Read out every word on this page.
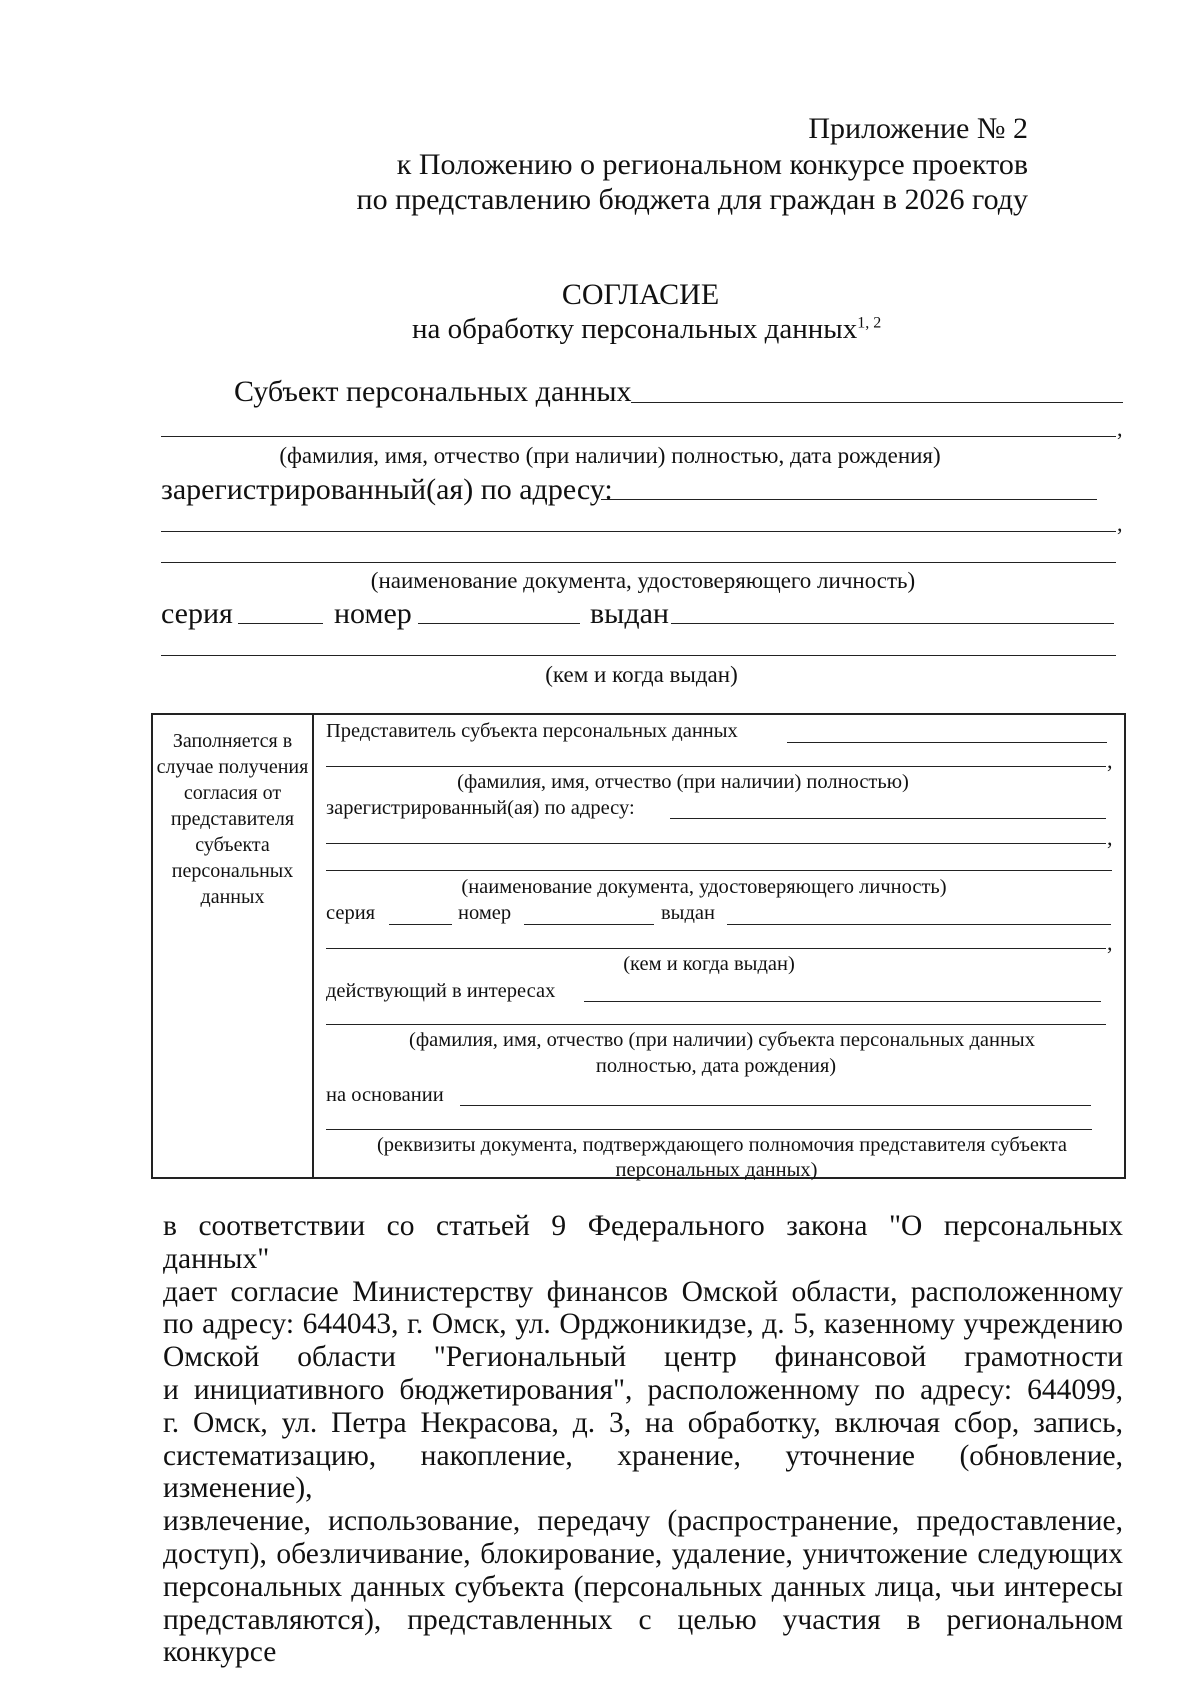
Приложение № 2
к Положению о региональном конкурсе проектов
по представлению бюджета для граждан в 2026 году
СОГЛАСИЕ
на обработку персональных данных$^{1, 2}$
Субъект персональных данных
,
(фамилия, имя, отчество (при наличии) полностью, дата рождения)
зарегистрированный(ая) по адресу:
,
(наименование документа, удостоверяющего личность)
серия	номер	выдан
(кем и когда выдан)
Заполняется в случае получения согласия от представителя субъекта персональных данных
Представитель субъекта персональных данных
,
(фамилия, имя, отчество (при наличии) полностью)
зарегистрированный(ая) по адресу:
,
(наименование документа, удостоверяющего личность)
серия	номер	выдан
,
(кем и когда выдан)
действующий в интересах
(фамилия, имя, отчество (при наличии) субъекта персональных данных
полностью, дата рождения)
на основании
(реквизиты документа, подтверждающего полномочия представителя субъекта
персональных данных)
в соответствии со статьей 9 Федерального закона "О персональных данных"
дает согласие Министерству финансов Омской области, расположенному
по адресу: 644043, г. Омск, ул. Орджоникидзе, д. 5, казенному учреждению
Омской области "Региональный центр финансовой грамотности
и инициативного бюджетирования", расположенному по адресу: 644099,
г. Омск, ул. Петра Некрасова, д. 3, на обработку, включая сбор, запись,
систематизацию, накопление, хранение, уточнение (обновление, изменение),
извлечение, использование, передачу (распространение, предоставление,
доступ), обезличивание, блокирование, удаление, уничтожение следующих
персональных данных субъекта (персональных данных лица, чьи интересы
представляются), представленных с целью участия в региональном конкурсе
